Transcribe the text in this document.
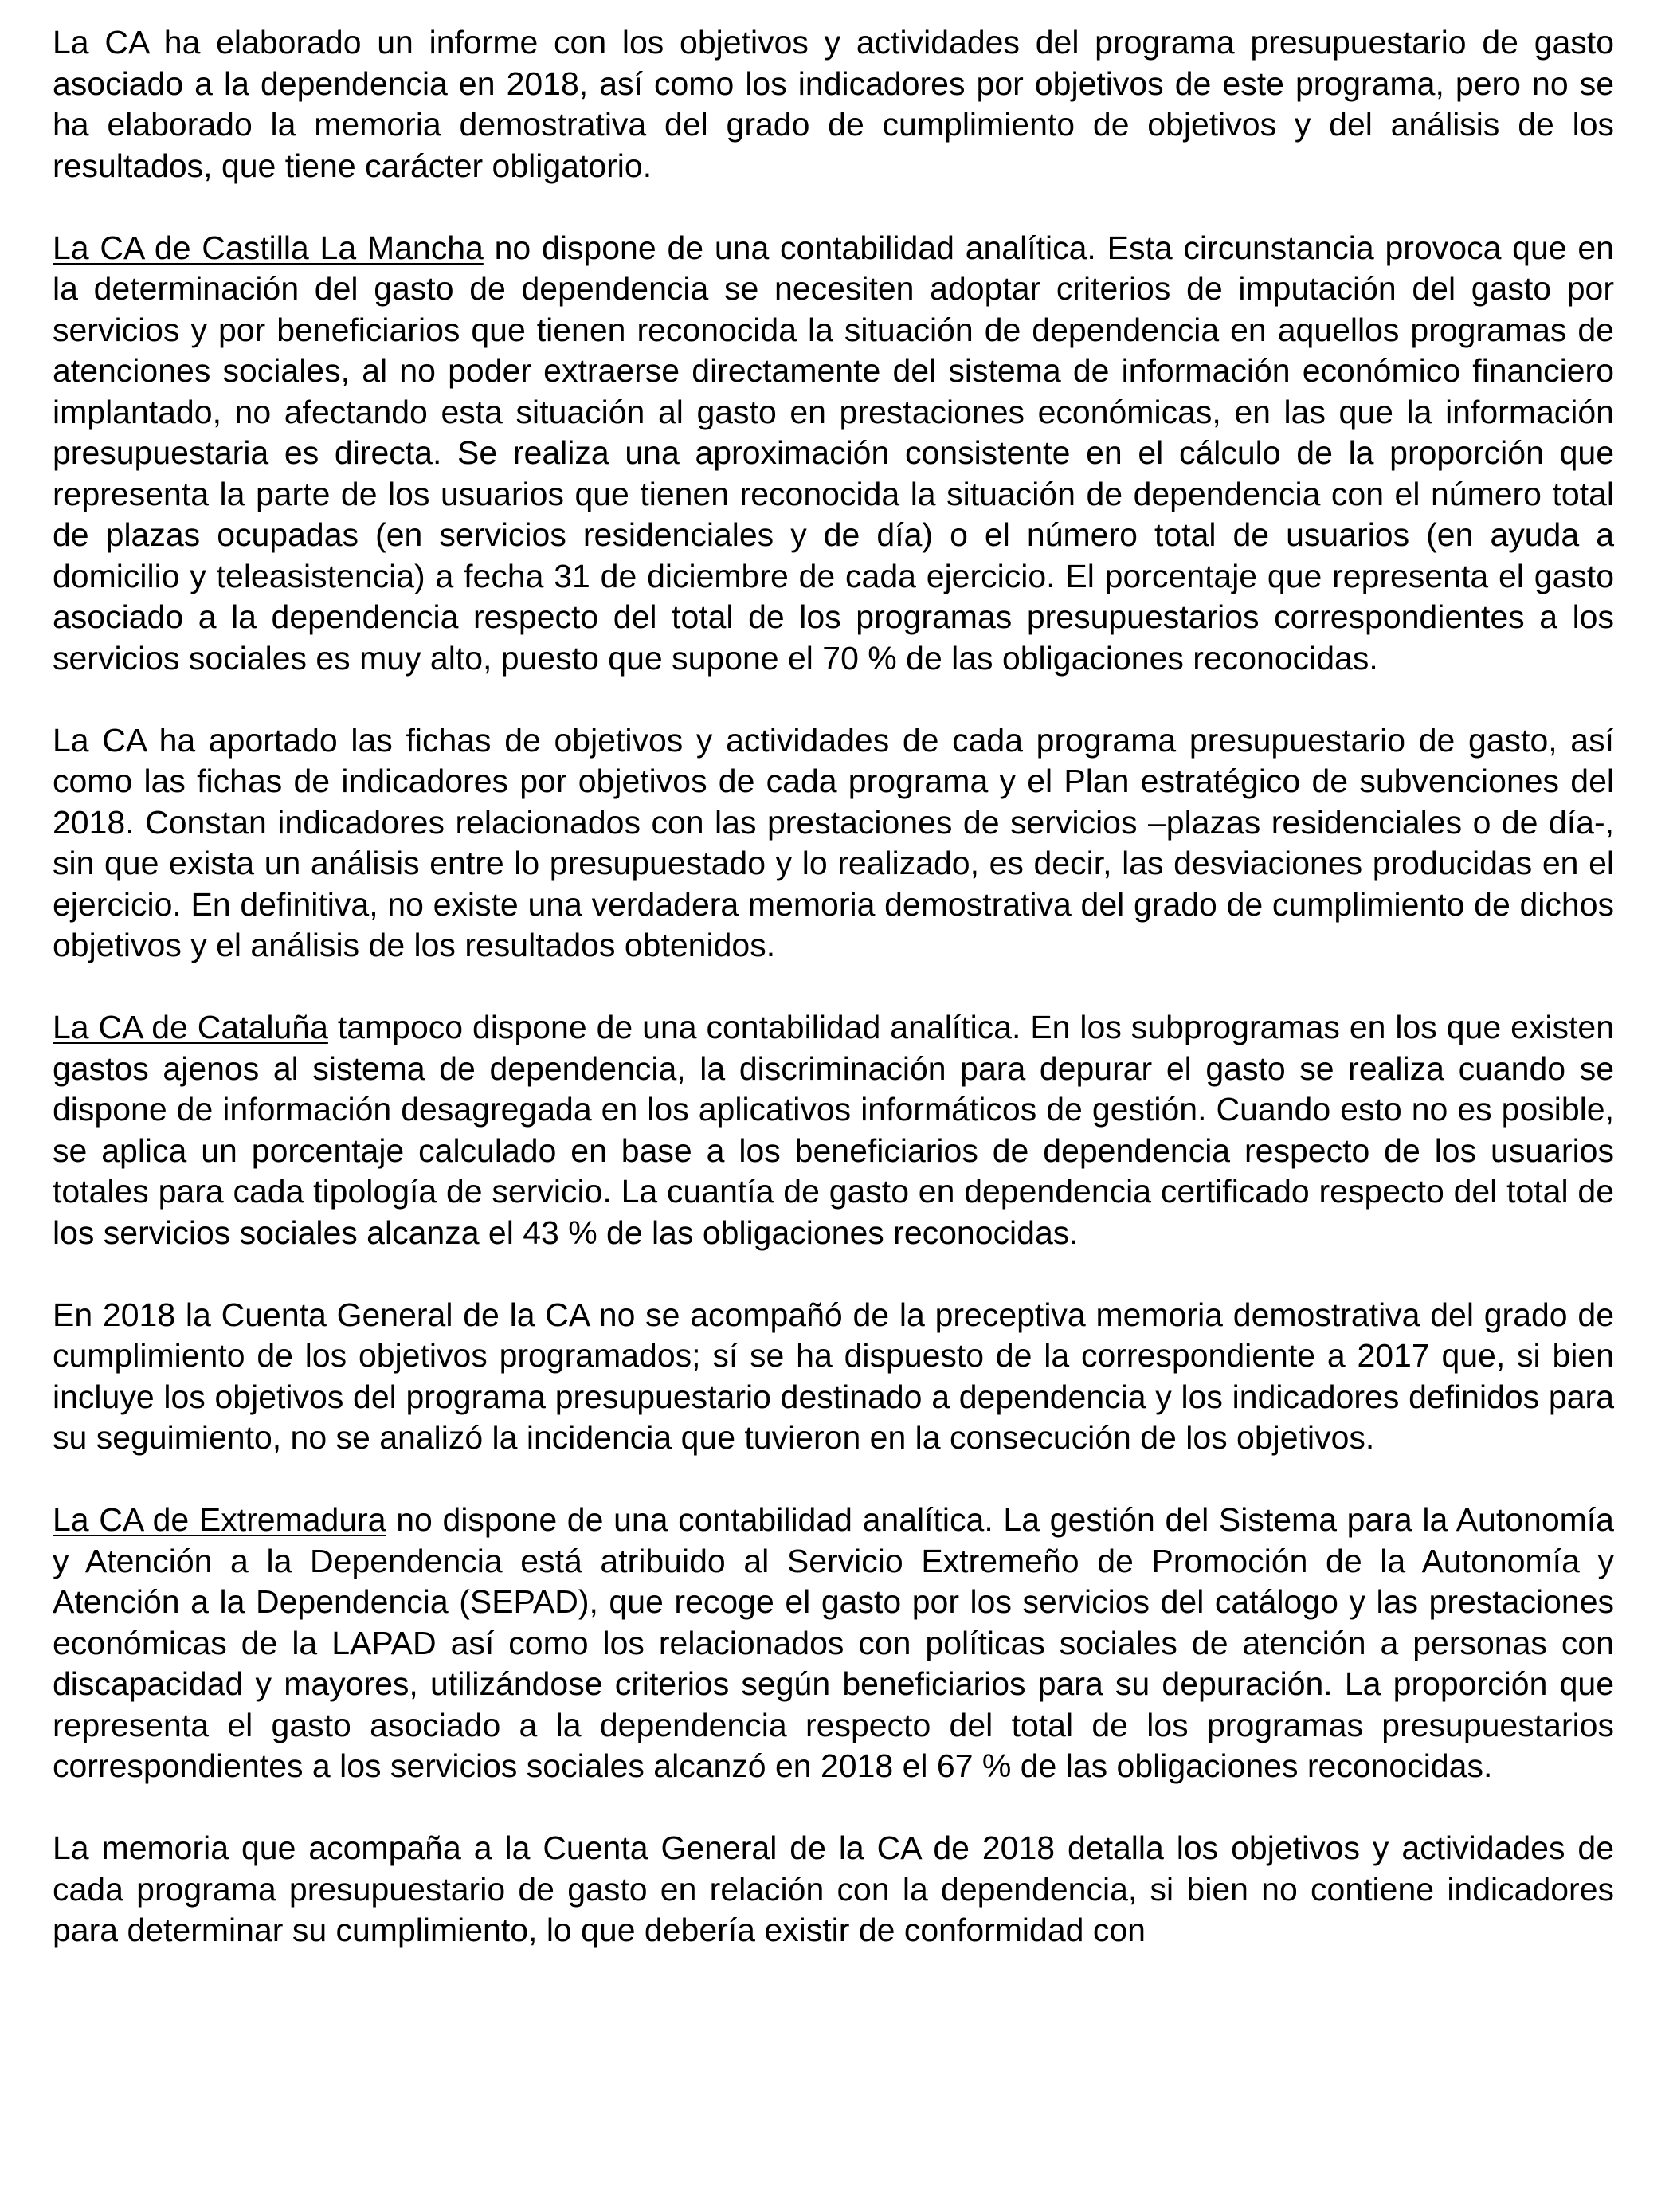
La CA ha elaborado un informe con los objetivos y actividades del programa presupuestario de gasto asociado a la dependencia en 2018, así como los indicadores por objetivos de este programa, pero no se ha elaborado la memoria demostrativa del grado de cumplimiento de objetivos y del análisis de los resultados, que tiene carácter obligatorio.

La CA de Castilla La Mancha no dispone de una contabilidad analítica. Esta circunstancia provoca que en la determinación del gasto de dependencia se necesiten adoptar criterios de imputación del gasto por servicios y por beneficiarios que tienen reconocida la situación de dependencia en aquellos programas de atenciones sociales, al no poder extraerse directamente del sistema de información económico financiero implantado, no afectando esta situación al gasto en prestaciones económicas, en las que la información presupuestaria es directa. Se realiza una aproximación consistente en el cálculo de la proporción que representa la parte de los usuarios que tienen reconocida la situación de dependencia con el número total de plazas ocupadas (en servicios residenciales y de día) o el número total de usuarios (en ayuda a domicilio y teleasistencia) a fecha 31 de diciembre de cada ejercicio. El porcentaje que representa el gasto asociado a la dependencia respecto del total de los programas presupuestarios correspondientes a los servicios sociales es muy alto, puesto que supone el 70 % de las obligaciones reconocidas.

La CA ha aportado las fichas de objetivos y actividades de cada programa presupuestario de gasto, así como las fichas de indicadores por objetivos de cada programa y el Plan estratégico de subvenciones del 2018. Constan indicadores relacionados con las prestaciones de servicios –plazas residenciales o de día-, sin que exista un análisis entre lo presupuestado y lo realizado, es decir, las desviaciones producidas en el ejercicio. En definitiva, no existe una verdadera memoria demostrativa del grado de cumplimiento de dichos objetivos y el análisis de los resultados obtenidos.

La CA de Cataluña tampoco dispone de una contabilidad analítica. En los subprogramas en los que existen gastos ajenos al sistema de dependencia, la discriminación para depurar el gasto se realiza cuando se dispone de información desagregada en los aplicativos informáticos de gestión. Cuando esto no es posible, se aplica un porcentaje calculado en base a los beneficiarios de dependencia respecto de los usuarios totales para cada tipología de servicio. La cuantía de gasto en dependencia certificado respecto del total de los servicios sociales alcanza el 43 % de las obligaciones reconocidas.

En 2018 la Cuenta General de la CA no se acompañó de la preceptiva memoria demostrativa del grado de cumplimiento de los objetivos programados; sí se ha dispuesto de la correspondiente a 2017 que, si bien incluye los objetivos del programa presupuestario destinado a dependencia y los indicadores definidos para su seguimiento, no se analizó la incidencia que tuvieron en la consecución de los objetivos.

La CA de Extremadura no dispone de una contabilidad analítica. La gestión del Sistema para la Autonomía y Atención a la Dependencia está atribuido al Servicio Extremeño de Promoción de la Autonomía y Atención a la Dependencia (SEPAD), que recoge el gasto por los servicios del catálogo y las prestaciones económicas de la LAPAD así como los relacionados con políticas sociales de atención a personas con discapacidad y mayores, utilizándose criterios según beneficiarios para su depuración. La proporción que representa el gasto asociado a la dependencia respecto del total de los programas presupuestarios correspondientes a los servicios sociales alcanzó en 2018 el 67 % de las obligaciones reconocidas.

La memoria que acompaña a la Cuenta General de la CA de 2018 detalla los objetivos y actividades de cada programa presupuestario de gasto en relación con la dependencia, si bien no contiene indicadores para determinar su cumplimiento, lo que debería existir de conformidad con
